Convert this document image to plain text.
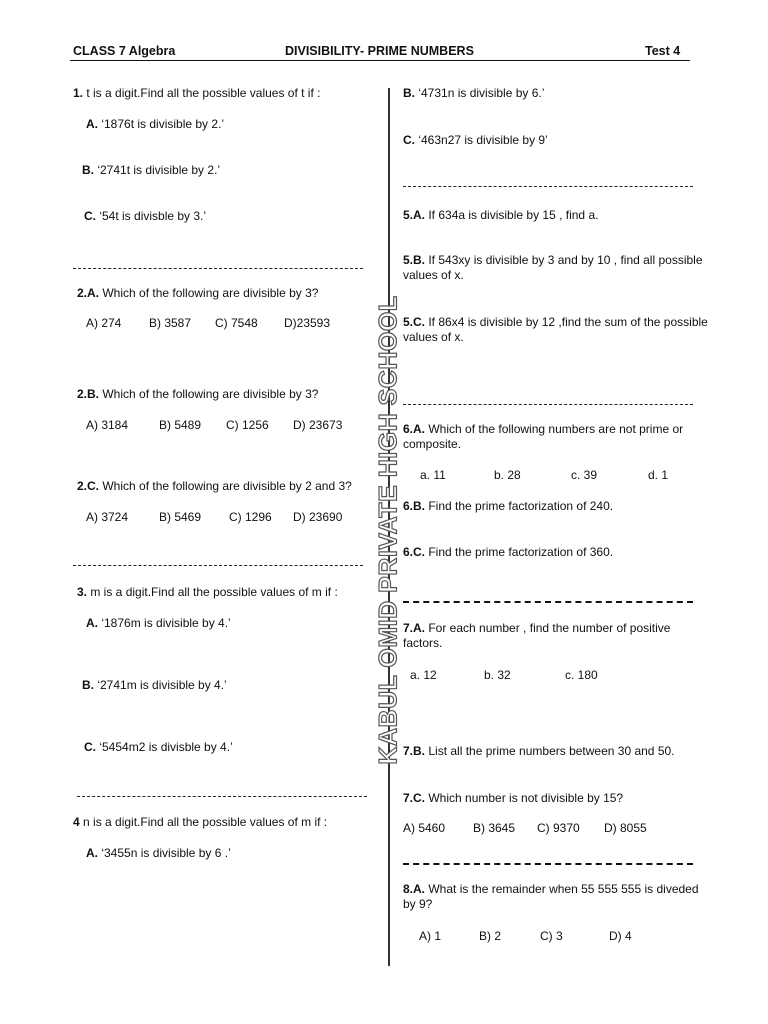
CLASS 7 Algebra	DIVISIBILITY- PRIME NUMBERS	Test 4
KABUL OMID PRIVATE HIGH SCHOOL
1. t is a digit.Find all the possible values of t if :
A. ‘1876t is divisible by 2.’
B. ‘2741t is divisible by 2.’
C. ‘54t is divisble by 3.’
2.A. Which of the following are divisible by 3?
A) 274 B) 3587 C) 7548 D)23593
2.B. Which of the following are divisible by 3?
A) 3184	B) 5489 C) 1256 D) 23673
2.C. Which of the following are divisible by 2 and 3?
A) 3724	B) 5469 C) 1296 D) 23690
3. m is a digit.Find all the possible values of m if :
A. ‘1876m is divisible by 4.’
B. ‘2741m is divisible by 4.’
C. ‘5454m2 is divisble by 4.’
4 n is a digit.Find all the possible values of m if :
A. ‘3455n is divisible by 6 .’
B. ‘4731n is divisible by 6.’
C. ‘463n27 is divisible by 9’
5.A. If 634a is divisible by 15 , find a.
5.B. If 543xy is divisible by 3 and by 10 , find all possible values of x.
5.C. If 86x4 is divisible by 12 ,find the sum of the possible values of x.
6.A. Which of the following numbers are not prime or composite.
a. 11	b. 28	c. 39	d. 1
6.B. Find the prime factorization of 240.
6.C. Find the prime factorization of 360.
7.A. For each number , find the number of positive factors.
a. 12	b. 32	c. 180
7.B. List all the prime numbers between 30 and 50.
7.C. Which number is not divisible by 15?
A) 5460 B) 3645 C) 9370 D) 8055
8.A. What is the remainder when 55 555 555 is diveded by 9?
A) 1	B) 2	C) 3	D) 4
